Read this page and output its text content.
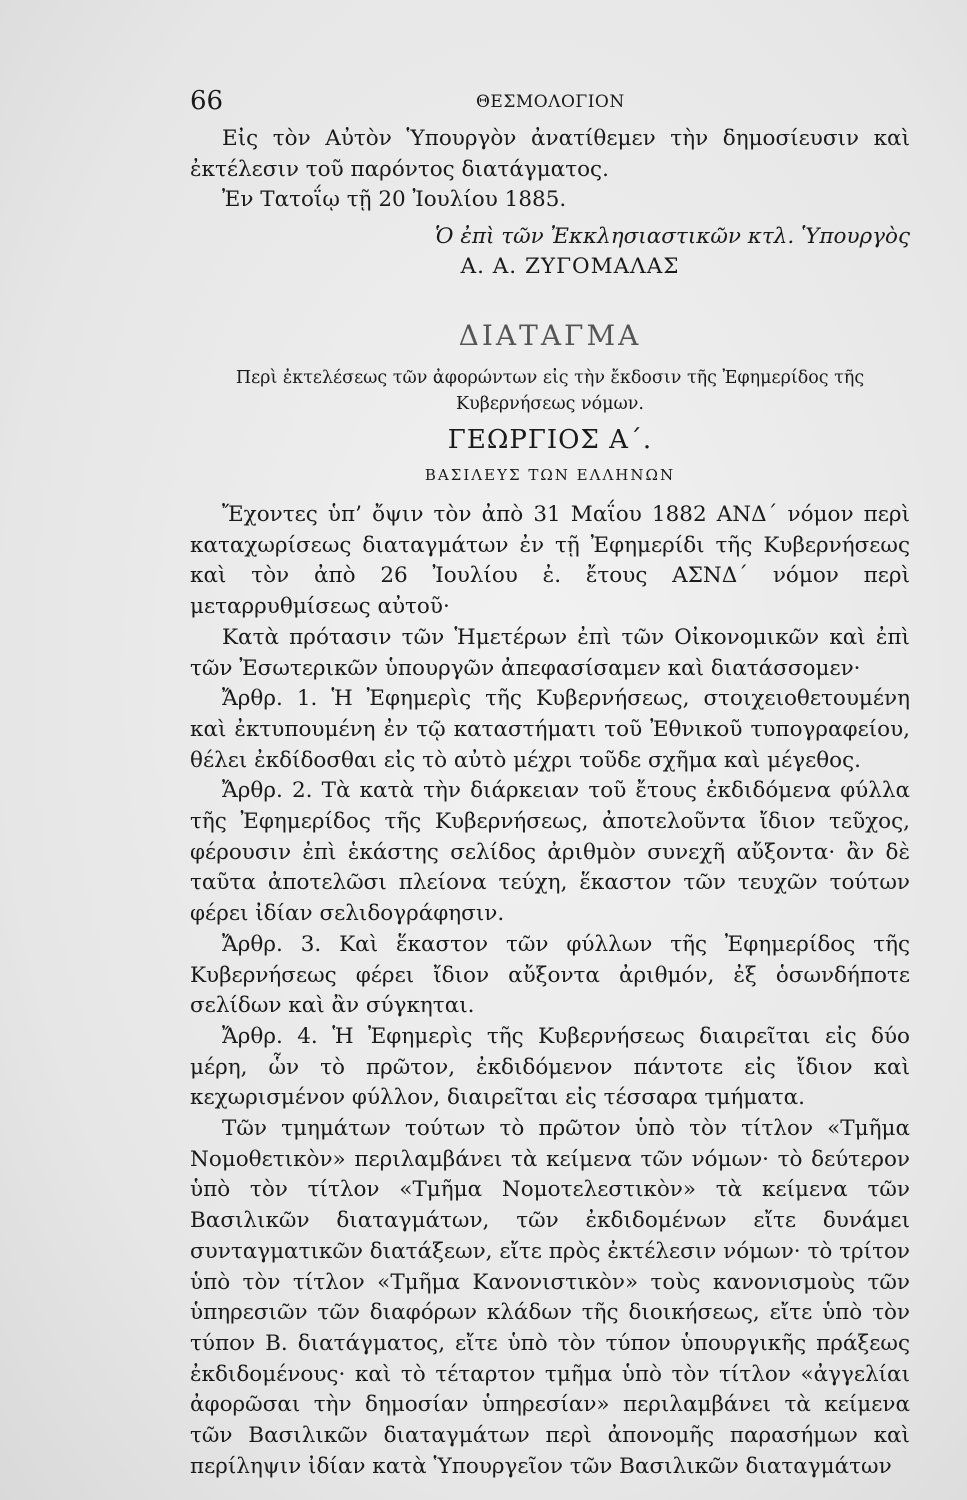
66	ΘΕΣΜΟΛΟΓΙΟΝ

Εἰς τὸν Αὐτὸν Ὑπουργὸν ἀνατίθεμεν τὴν δημοσίευσιν καὶ ἐκτέλεσιν τοῦ παρόντος διατάγματος.

Ἐν Τατοΐῳ τῇ 20 Ἰουλίου 1885.

Ὁ ἐπὶ τῶν Ἐκκλησιαστικῶν κτλ. Ὑπουργὸς

Α. Α. ΖΥΓΟΜΑΛΑΣ

ΔΙΑΤΑΓΜΑ

Περὶ ἐκτελέσεως τῶν ἀφορώντων εἰς τὴν ἔκδοσιν τῆς Ἐφημερίδος τῆς Κυβερνήσεως νόμων.

ΓΕΩΡΓΙΟΣ Α΄.

ΒΑΣΙΛΕΥΣ ΤΩΝ ΕΛΛΗΝΩΝ

Ἔχοντες ὑπ’ ὄψιν τὸν ἀπὸ 31 Μαΐου 1882 ΑΝΔ΄ νόμον περὶ καταχωρίσεως διαταγμάτων ἐν τῇ Ἐφημερίδι τῆς Κυβερνήσεως καὶ τὸν ἀπὸ 26 Ἰουλίου ἐ. ἔτους ΑΣΝΔ΄ νόμον περὶ μεταρρυθμίσεως αὐτοῦ·

Κατὰ πρότασιν τῶν Ἡμετέρων ἐπὶ τῶν Οἰκονομικῶν καὶ ἐπὶ τῶν Ἐσωτερικῶν ὑπουργῶν ἀπεφασίσαμεν καὶ διατάσσομεν·

Ἄρθρ. 1. Ἡ Ἐφημερὶς τῆς Κυβερνήσεως, στοιχειοθετουμένη καὶ ἐκτυπουμένη ἐν τῷ καταστήματι τοῦ Ἐθνικοῦ τυπογραφείου, θέλει ἐκδίδοσθαι εἰς τὸ αὐτὸ μέχρι τοῦδε σχῆμα καὶ μέγεθος.

Ἄρθρ. 2. Τὰ κατὰ τὴν διάρκειαν τοῦ ἔτους ἐκδιδόμενα φύλλα τῆς Ἐφημερίδος τῆς Κυβερνήσεως, ἀποτελοῦντα ἴδιον τεῦχος, φέρουσιν ἐπὶ ἑκάστης σελίδος ἀριθμὸν συνεχῆ αὔξοντα· ἂν δὲ ταῦτα ἀποτελῶσι πλείονα τεύχη, ἕκαστον τῶν τευχῶν τούτων φέρει ἰδίαν σελιδογράφησιν.

Ἄρθρ. 3. Καὶ ἕκαστον τῶν φύλλων τῆς Ἐφημερίδος τῆς Κυβερνήσεως φέρει ἴδιον αὔξοντα ἀριθμόν, ἐξ ὁσωνδήποτε σελίδων καὶ ἂν σύγκηται.

Ἄρθρ. 4. Ἡ Ἐφημερὶς τῆς Κυβερνήσεως διαιρεῖται εἰς δύο μέρη, ὧν τὸ πρῶτον, ἐκδιδόμενον πάντοτε εἰς ἴδιον καὶ κεχωρισμένον φύλλον, διαιρεῖται εἰς τέσσαρα τμήματα.

Τῶν τμημάτων τούτων τὸ πρῶτον ὑπὸ τὸν τίτλον «Τμῆμα Νομοθετικὸν» περιλαμβάνει τὰ κείμενα τῶν νόμων· τὸ δεύτερον ὑπὸ τὸν τίτλον «Τμῆμα Νομοτελεστικὸν» τὰ κείμενα τῶν Βασιλικῶν διαταγμάτων, τῶν ἐκδιδομένων εἴτε δυνάμει συνταγματικῶν διατάξεων, εἴτε πρὸς ἐκτέλεσιν νόμων· τὸ τρίτον ὑπὸ τὸν τίτλον «Τμῆμα Κανονιστικὸν» τοὺς κανονισμοὺς τῶν ὑπηρεσιῶν τῶν διαφόρων κλάδων τῆς διοικήσεως, εἴτε ὑπὸ τὸν τύπον Β. διατάγματος, εἴτε ὑπὸ τὸν τύπον ὑπουργικῆς πράξεως ἐκδιδομένους· καὶ τὸ τέταρτον τμῆμα ὑπὸ τὸν τίτλον «ἀγγελίαι ἀφορῶσαι τὴν δημοσίαν ὑπηρεσίαν» περιλαμβάνει τὰ κείμενα τῶν Βασιλικῶν διαταγμάτων περὶ ἀπονομῆς παρασήμων καὶ περίληψιν ἰδίαν κατὰ Ὑπουργεῖον τῶν Βασιλικῶν διαταγμάτων
